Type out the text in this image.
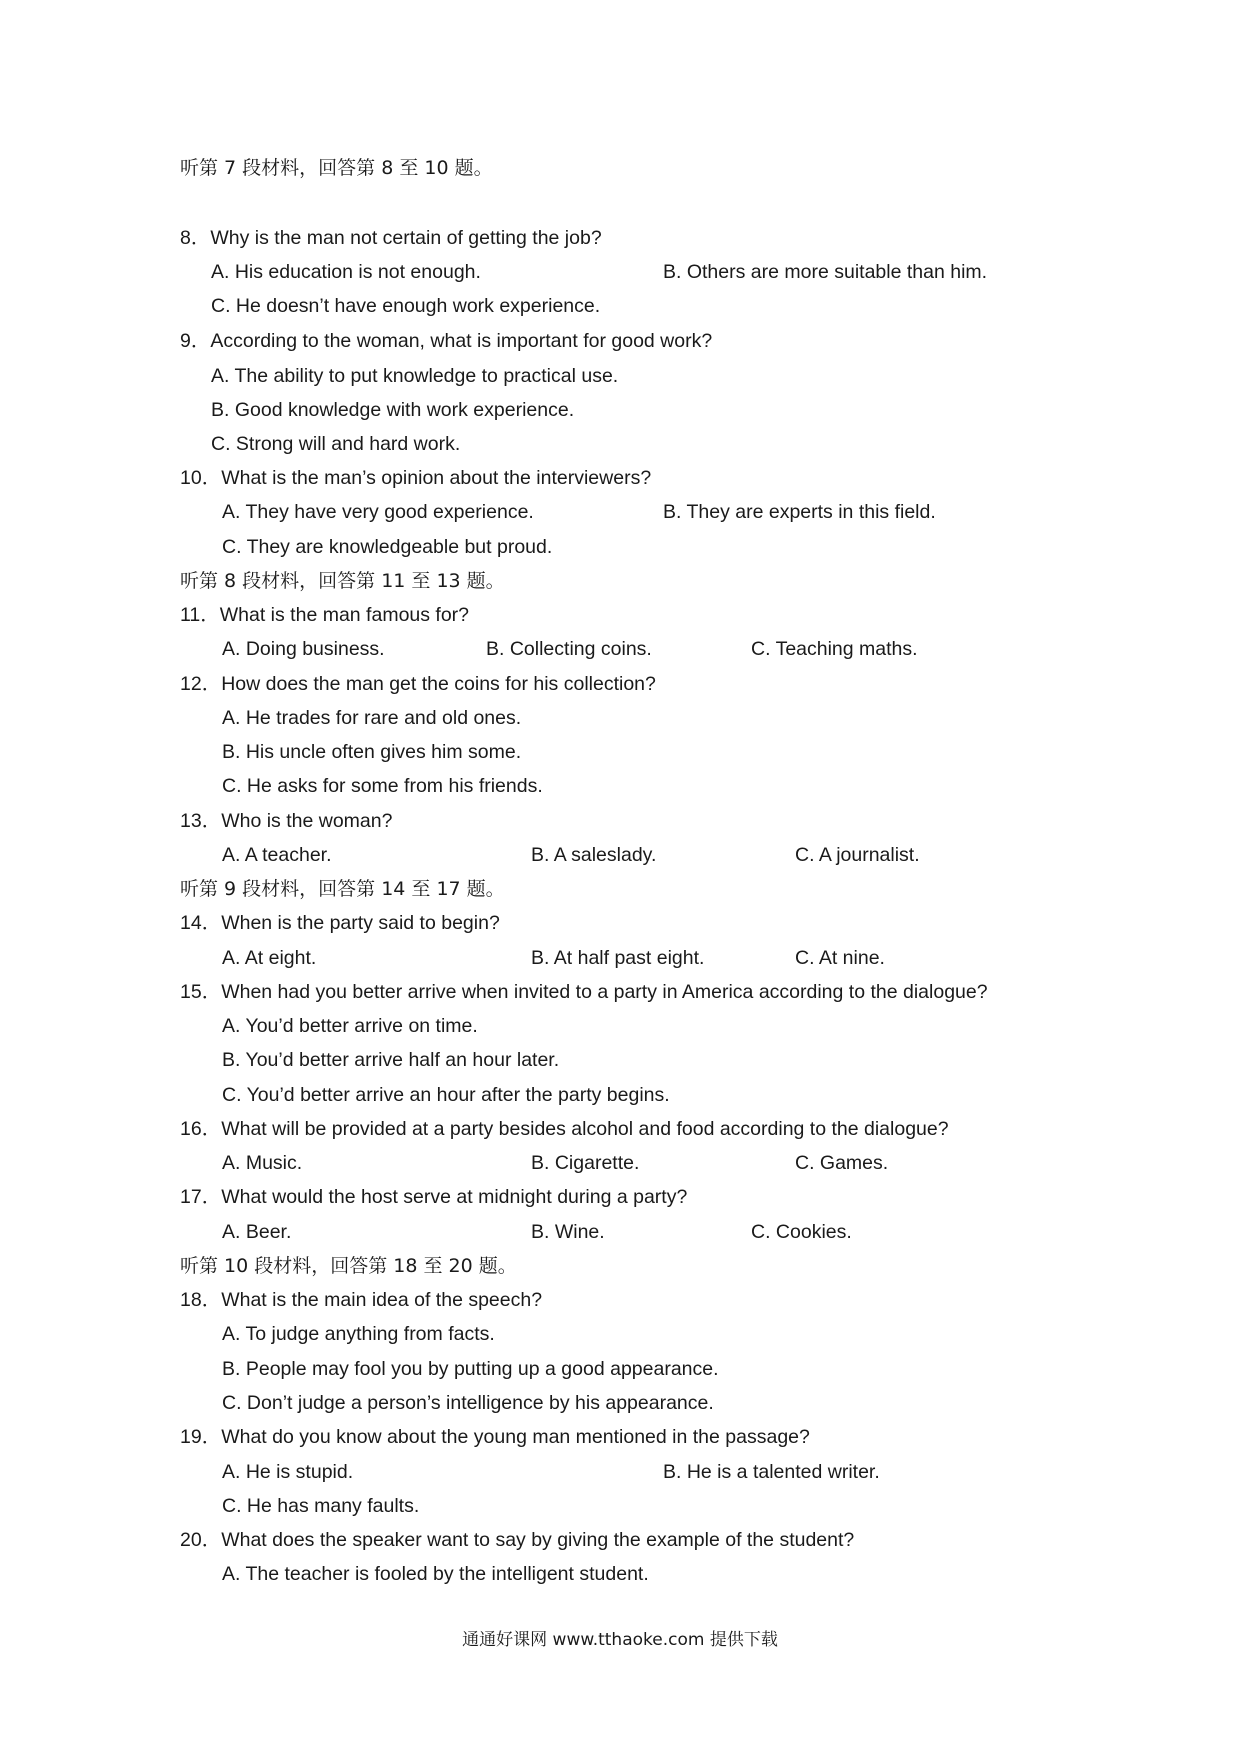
听第 7 段材料，回答第 8 至 10 题。
8．Why is the man not certain of getting the job?
A. His education is not enough.	B. Others are more suitable than him.
C. He doesn’t have enough work experience.
9．According to the woman, what is important for good work?
A. The ability to put knowledge to practical use.
B. Good knowledge with work experience.
C. Strong will and hard work.
10．What is the man’s opinion about the interviewers?
A. They have very good experience.	B. They are experts in this field.
C. They are knowledgeable but proud.
听第 8 段材料，回答第 11 至 13 题。
11．What is the man famous for?
A. Doing business.	B. Collecting coins.	C. Teaching maths.
12．How does the man get the coins for his collection?
A. He trades for rare and old ones.
B. His uncle often gives him some.
C. He asks for some from his friends.
13．Who is the woman?
A. A teacher.	B. A saleslady.	C. A journalist.
听第 9 段材料，回答第 14 至 17 题。
14．When is the party said to begin?
A. At eight.	B. At half past eight.	C. At nine.
15．When had you better arrive when invited to a party in America according to the dialogue?
A. You’d better arrive on time.
B. You’d better arrive half an hour later.
C. You’d better arrive an hour after the party begins.
16．What will be provided at a party besides alcohol and food according to the dialogue?
A. Music.	B. Cigarette.	C. Games.
17．What would the host serve at midnight during a party?
A. Beer.	B. Wine.	C. Cookies.
听第 10 段材料，回答第 18 至 20 题。
18．What is the main idea of the speech?
A. To judge anything from facts.
B. People may fool you by putting up a good appearance.
C. Don’t judge a person’s intelligence by his appearance.
19．What do you know about the young man mentioned in the passage?
A. He is stupid.	B. He is a talented writer.
C. He has many faults.
20．What does the speaker want to say by giving the example of the student?
A. The teacher is fooled by the intelligent student.
通通好课网 www.tthaoke.com 提供下载
